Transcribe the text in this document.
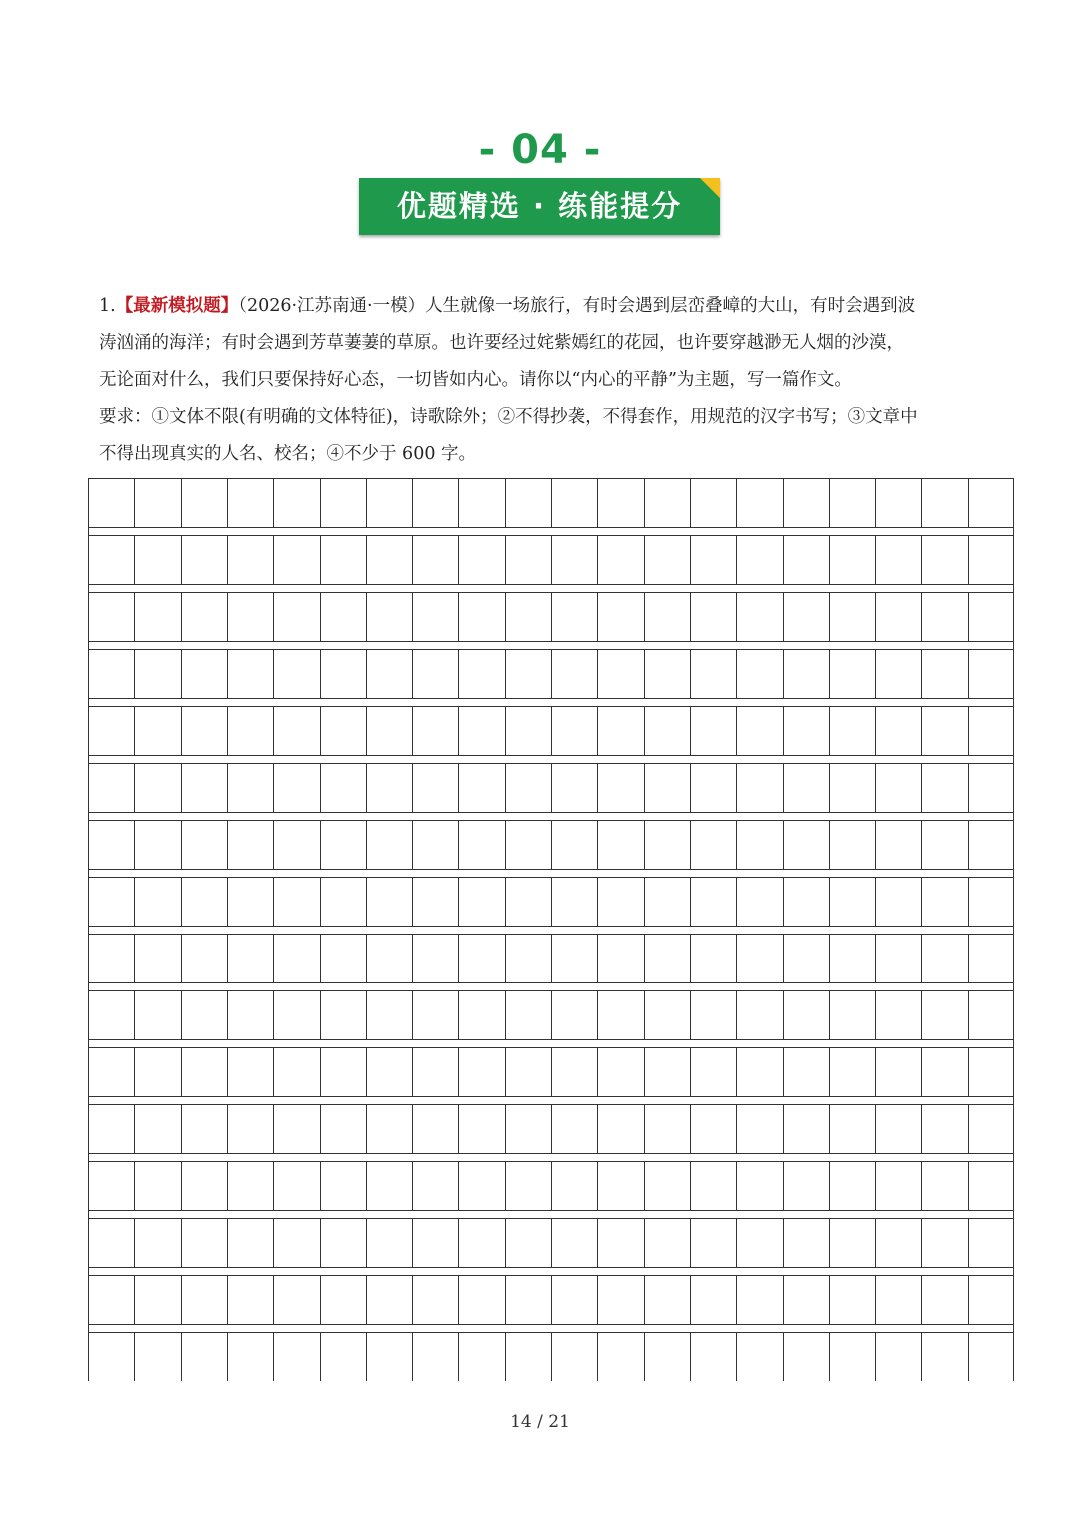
- 04 -
优题精选 · 练能提分

1.【最新模拟题】（2026·江苏南通·一模）人生就像一场旅行，有时会遇到层峦叠嶂的大山，有时会遇到波

涛汹涌的海洋；有时会遇到芳草萋萋的草原。也许要经过姹紫嫣红的花园，也许要穿越渺无人烟的沙漠，

无论面对什么，我们只要保持好心态，一切皆如内心。请你以“内心的平静”为主题，写一篇作文。

要求：①文体不限(有明确的文体特征)，诗歌除外；②不得抄袭，不得套作，用规范的汉字书写；③文章中

不得出现真实的人名、校名；④不少于 600 字。

14 / 21
